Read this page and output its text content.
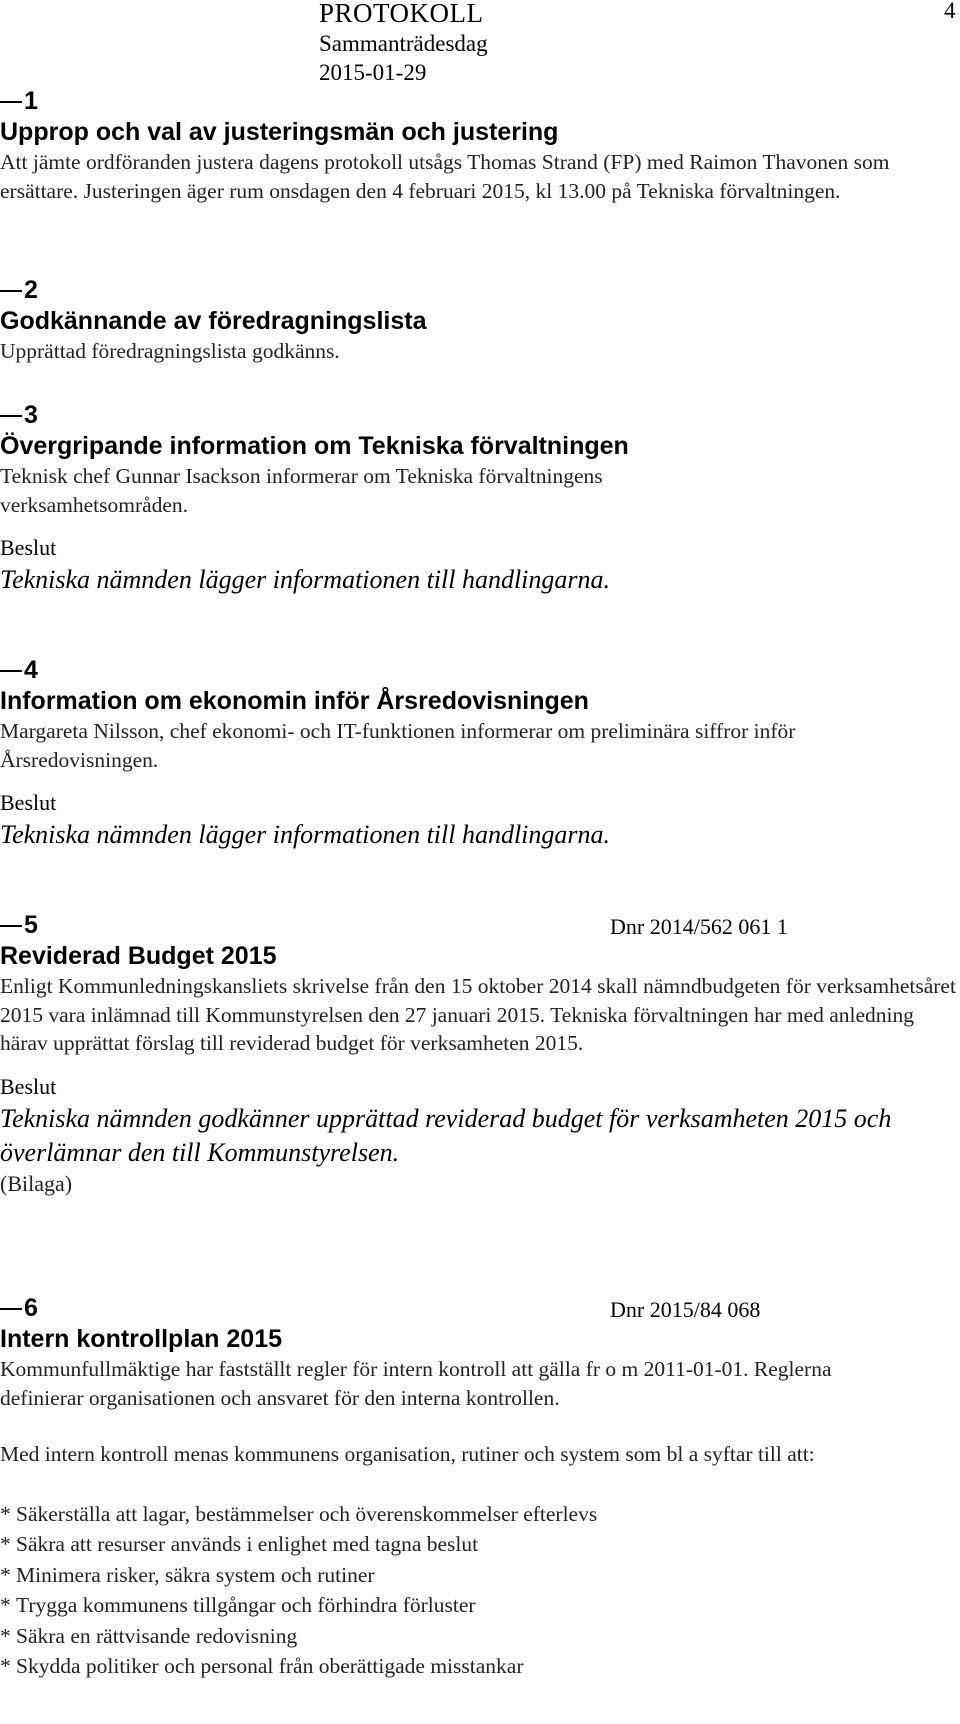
PROTOKOLL
Sammanträdesdag
2015-01-29
4
1
Upprop och val av justeringsmän och justering

Att jämte ordföranden justera dagens protokoll utsågs Thomas Strand (FP) med Raimon Thavonen som ersättare. Justeringen äger rum onsdagen den 4 februari 2015, kl 13.00 på Tekniska förvaltningen.

2
Godkännande av föredragningslista

Upprättad föredragningslista godkänns.

3
Övergripande information om Tekniska förvaltningen

Teknisk chef Gunnar Isackson informerar om Tekniska förvaltningens verksamhetsområden.

Beslut

Tekniska nämnden lägger informationen till handlingarna.

4
Information om ekonomin inför Årsredovisningen

Margareta Nilsson, chef ekonomi- och IT-funktionen informerar om preliminära siffror inför Årsredovisningen.

Beslut

Tekniska nämnden lägger informationen till handlingarna.

5	Dnr 2014/562 061 1
Reviderad Budget 2015

Enligt Kommunledningskansliets skrivelse från den 15 oktober 2014 skall nämndbudgeten för verksamhetsåret 2015 vara inlämnad till Kommunstyrelsen den 27 januari 2015. Tekniska förvaltningen har med anledning härav upprättat förslag till reviderad budget för verksamheten 2015.

Beslut

Tekniska nämnden godkänner upprättad reviderad budget för verksamheten 2015 och överlämnar den till Kommunstyrelsen.

(Bilaga)
6	Dnr 2015/84 068
Intern kontrollplan 2015

Kommunfullmäktige har fastställt regler för intern kontroll att gälla fr o m 2011-01-01. Reglerna definierar organisationen och ansvaret för den interna kontrollen.

Med intern kontroll menas kommunens organisation, rutiner och system som bl a syftar till att:

* Säkerställa att lagar, bestämmelser och överenskommelser efterlevs
* Säkra att resurser används i enlighet med tagna beslut
* Minimera risker, säkra system och rutiner
* Trygga kommunens tillgångar och förhindra förluster
* Säkra en rättvisande redovisning
* Skydda politiker och personal från oberättigade misstankar
